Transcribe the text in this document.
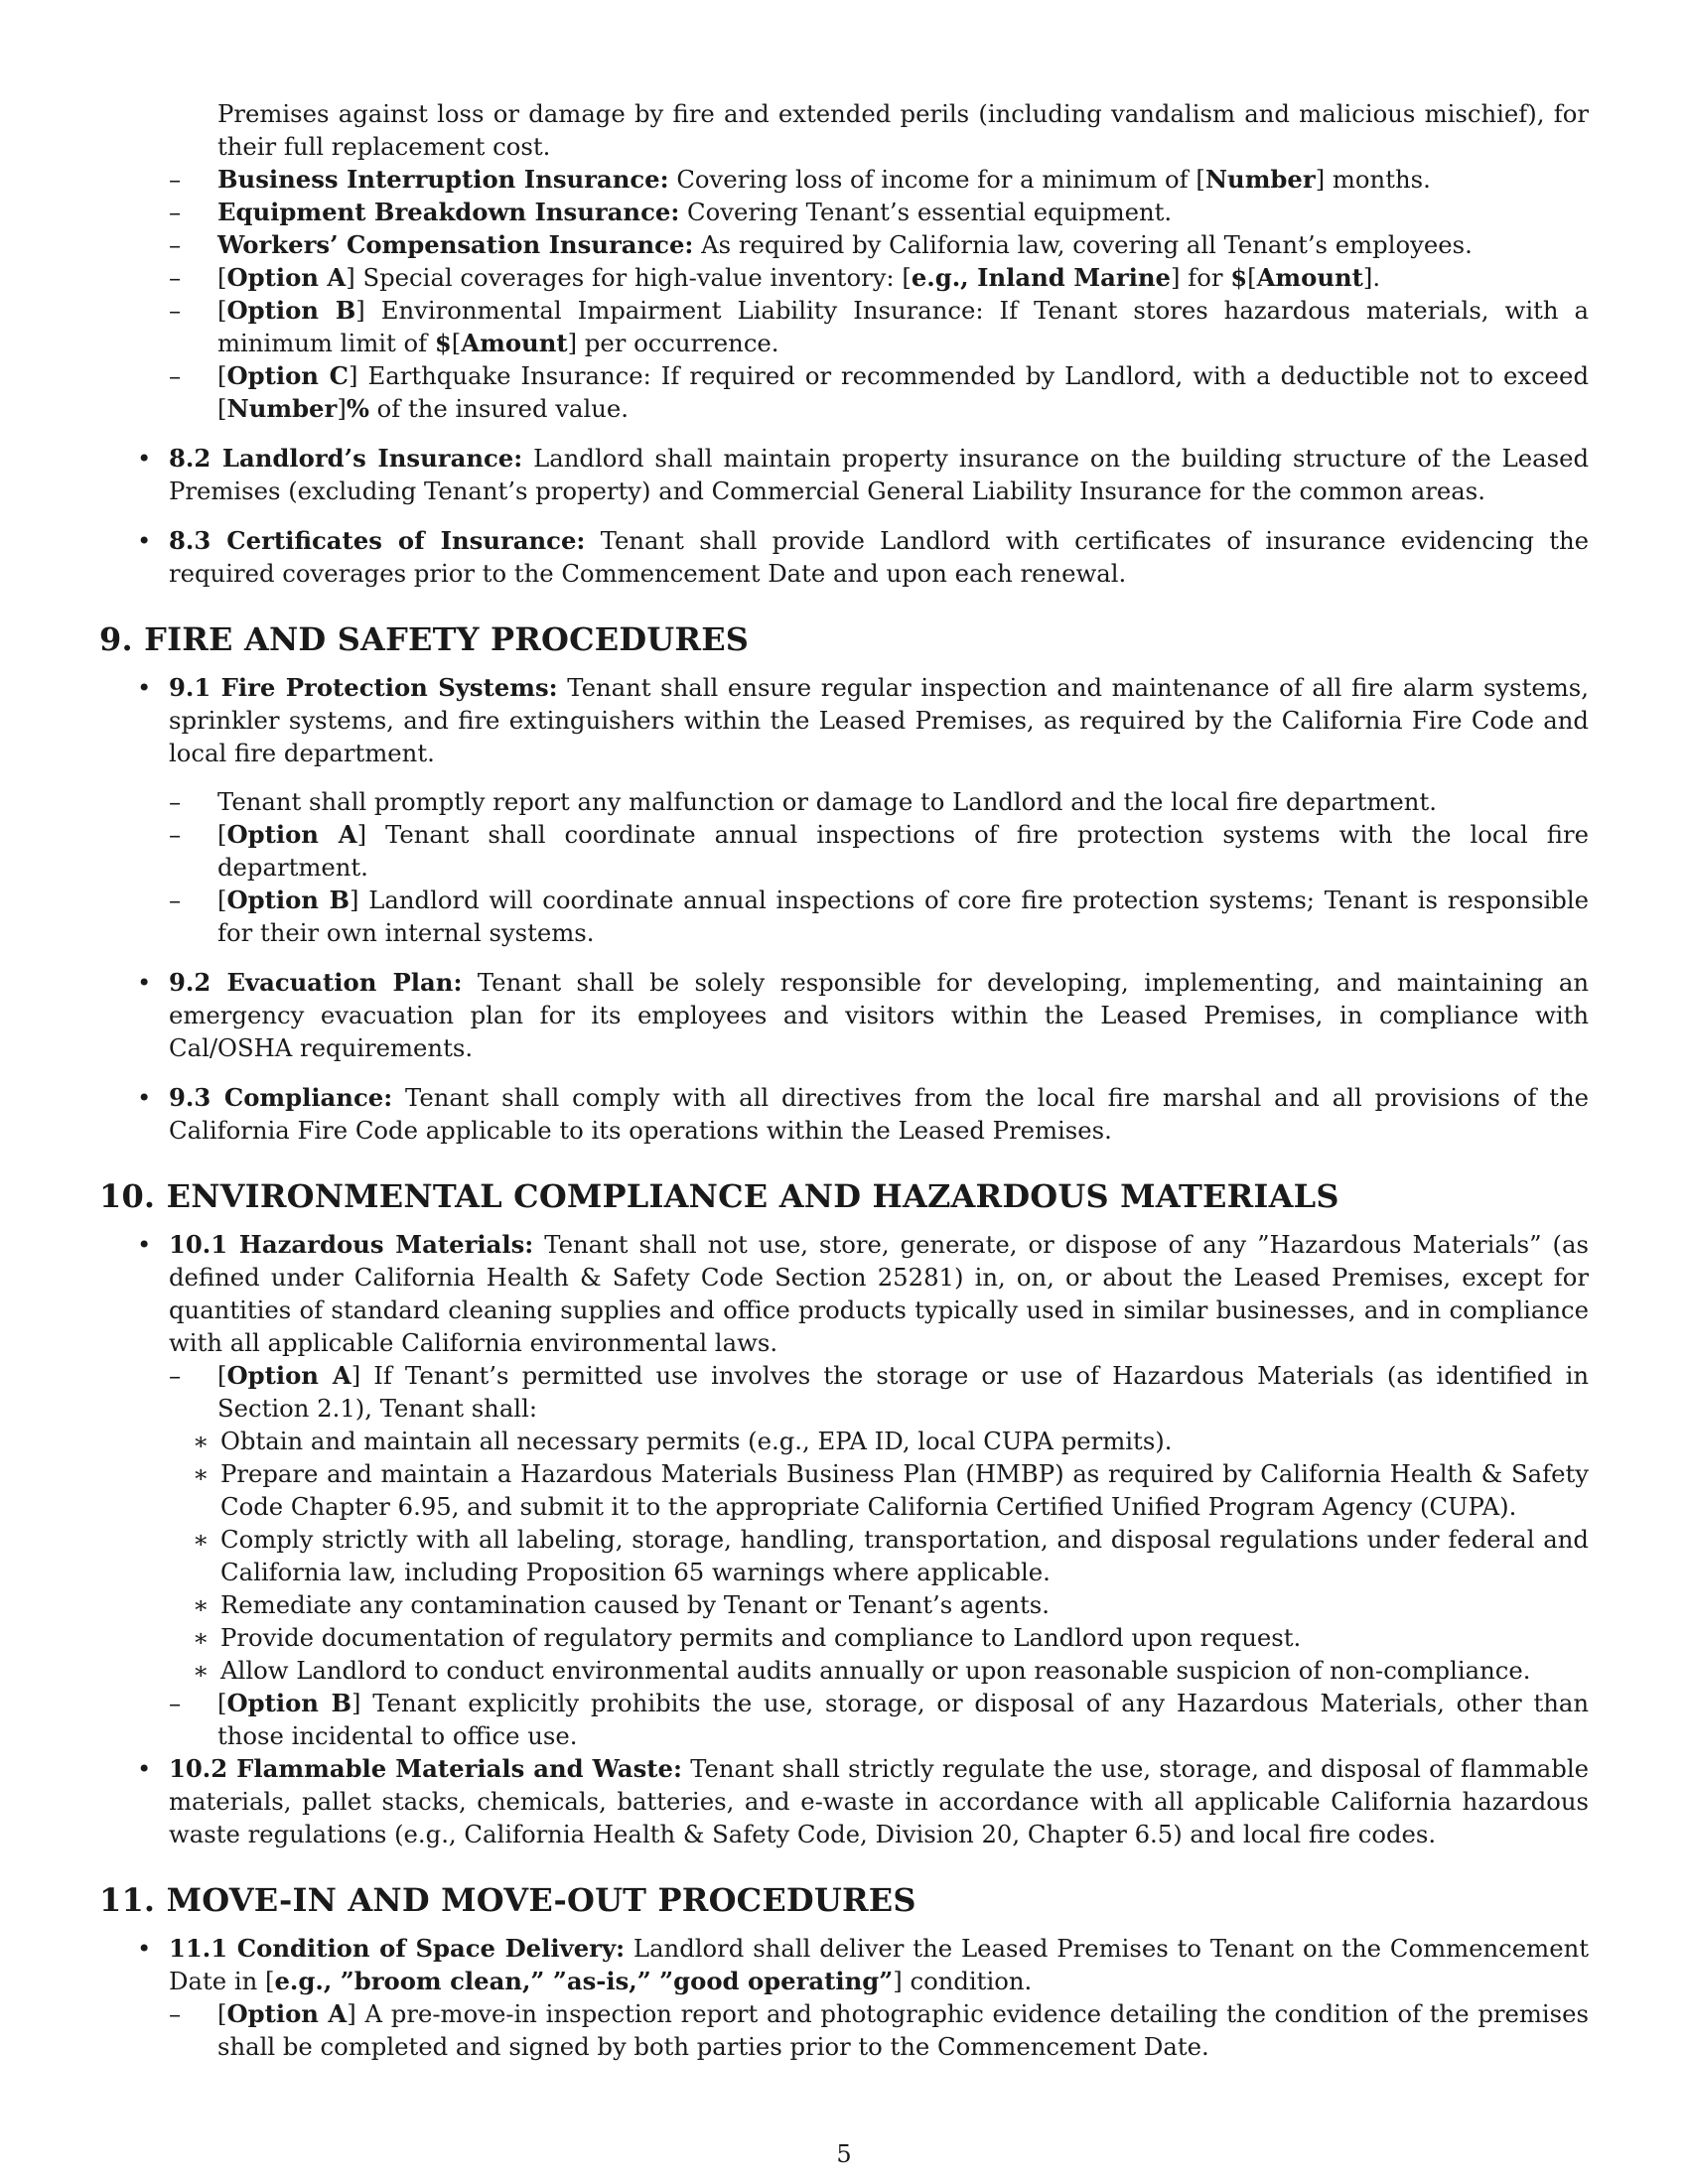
Premises against loss or damage by fire and extended perils (including vandalism and malicious mischief), for their full replacement cost.
– Business Interruption Insurance: Covering loss of income for a minimum of [Number] months.
– Equipment Breakdown Insurance: Covering Tenant’s essential equipment.
– Workers’ Compensation Insurance: As required by California law, covering all Tenant’s employees.
– [Option A] Special coverages for high-value inventory: [e.g., Inland Marine] for $[Amount].
– [Option B] Environmental Impairment Liability Insurance: If Tenant stores hazardous materials, with a minimum limit of $[Amount] per occurrence.
– [Option C] Earthquake Insurance: If required or recommended by Landlord, with a deductible not to exceed [Number]% of the insured value.
• 8.2 Landlord’s Insurance: Landlord shall maintain property insurance on the building structure of the Leased Premises (excluding Tenant’s property) and Commercial General Liability Insurance for the common areas.
• 8.3 Certificates of Insurance: Tenant shall provide Landlord with certificates of insurance evidencing the required coverages prior to the Commencement Date and upon each renewal.
9. FIRE AND SAFETY PROCEDURES
• 9.1 Fire Protection Systems: Tenant shall ensure regular inspection and maintenance of all fire alarm systems, sprinkler systems, and fire extinguishers within the Leased Premises, as required by the California Fire Code and local fire department.
– Tenant shall promptly report any malfunction or damage to Landlord and the local fire department.
– [Option A] Tenant shall coordinate annual inspections of fire protection systems with the local fire department.
– [Option B] Landlord will coordinate annual inspections of core fire protection systems; Tenant is responsible for their own internal systems.
• 9.2 Evacuation Plan: Tenant shall be solely responsible for developing, implementing, and maintaining an emergency evacuation plan for its employees and visitors within the Leased Premises, in compliance with Cal/OSHA requirements.
• 9.3 Compliance: Tenant shall comply with all directives from the local fire marshal and all provisions of the California Fire Code applicable to its operations within the Leased Premises.
10. ENVIRONMENTAL COMPLIANCE AND HAZARDOUS MATERIALS
• 10.1 Hazardous Materials: Tenant shall not use, store, generate, or dispose of any ”Hazardous Materials” (as defined under California Health & Safety Code Section 25281) in, on, or about the Leased Premises, except for quantities of standard cleaning supplies and office products typically used in similar businesses, and in compliance with all applicable California environmental laws.
– [Option A] If Tenant’s permitted use involves the storage or use of Hazardous Materials (as identified in Section 2.1), Tenant shall:
∗ Obtain and maintain all necessary permits (e.g., EPA ID, local CUPA permits).
∗ Prepare and maintain a Hazardous Materials Business Plan (HMBP) as required by California Health & Safety Code Chapter 6.95, and submit it to the appropriate California Certified Unified Program Agency (CUPA).
∗ Comply strictly with all labeling, storage, handling, transportation, and disposal regulations under federal and California law, including Proposition 65 warnings where applicable.
∗ Remediate any contamination caused by Tenant or Tenant’s agents.
∗ Provide documentation of regulatory permits and compliance to Landlord upon request.
∗ Allow Landlord to conduct environmental audits annually or upon reasonable suspicion of non-compliance.
– [Option B] Tenant explicitly prohibits the use, storage, or disposal of any Hazardous Materials, other than those incidental to office use.
• 10.2 Flammable Materials and Waste: Tenant shall strictly regulate the use, storage, and disposal of flammable materials, pallet stacks, chemicals, batteries, and e-waste in accordance with all applicable California hazardous waste regulations (e.g., California Health & Safety Code, Division 20, Chapter 6.5) and local fire codes.
11. MOVE-IN AND MOVE-OUT PROCEDURES
• 11.1 Condition of Space Delivery: Landlord shall deliver the Leased Premises to Tenant on the Commencement Date in [e.g., ”broom clean,” ”as-is,” ”good operating”] condition.
– [Option A] A pre-move-in inspection report and photographic evidence detailing the condition of the premises shall be completed and signed by both parties prior to the Commencement Date.
5
